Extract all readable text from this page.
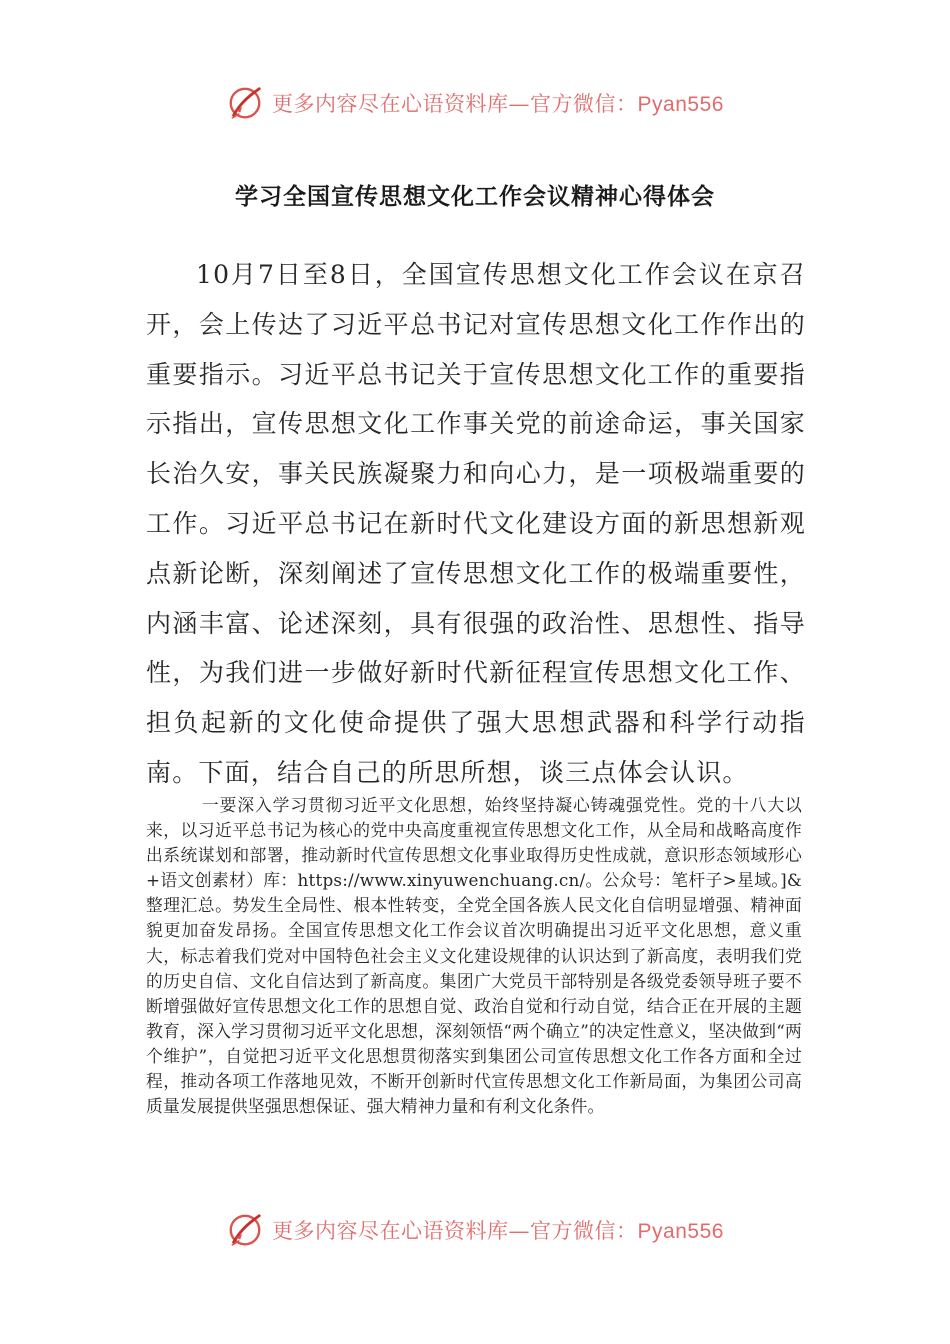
更多内容尽在心语资料库—官方微信：Pyan556
学习全国宣传思想文化工作会议精神心得体会

10月7日至8日，全国宣传思想文化工作会议在京召开，会上传达了习近平总书记对宣传思想文化工作作出的重要指示。习近平总书记关于宣传思想文化工作的重要指示指出，宣传思想文化工作事关党的前途命运，事关国家长治久安，事关民族凝聚力和向心力，是一项极端重要的工作。习近平总书记在新时代文化建设方面的新思想新观点新论断，深刻阐述了宣传思想文化工作的极端重要性，内涵丰富、论述深刻，具有很强的政治性、思想性、指导性，为我们进一步做好新时代新征程宣传思想文化工作、担负起新的文化使命提供了强大思想武器和科学行动指南。下面，结合自己的所思所想，谈三点体会认识。

一要深入学习贯彻习近平文化思想，始终坚持凝心铸魂强党性。党的十八大以来，以习近平总书记为核心的党中央高度重视宣传思想文化工作，从全局和战略高度作出系统谋划和部署，推动新时代宣传思想文化事业取得历史性成就，意识形态领域形心+语文创素材）库：https://www.xinyuwenchuang.cn/。公众号：笔杆子>星域。]&整理汇总。势发生全局性、根本性转变，全党全国各族人民文化自信明显增强、精神面貌更加奋发昂扬。全国宣传思想文化工作会议首次明确提出习近平文化思想，意义重大，标志着我们党对中国特色社会主义文化建设规律的认识达到了新高度，表明我们党的历史自信、文化自信达到了新高度。集团广大党员干部特别是各级党委领导班子要不断增强做好宣传思想文化工作的思想自觉、政治自觉和行动自觉，结合正在开展的主题教育，深入学习贯彻习近平文化思想，深刻领悟“两个确立”的决定性意义，坚决做到“两个维护”，自觉把习近平文化思想贯彻落实到集团公司宣传思想文化工作各方面和全过程，推动各项工作落地见效，不断开创新时代宣传思想文化工作新局面，为集团公司高质量发展提供坚强思想保证、强大精神力量和有利文化条件。

更多内容尽在心语资料库—官方微信：Pyan556
